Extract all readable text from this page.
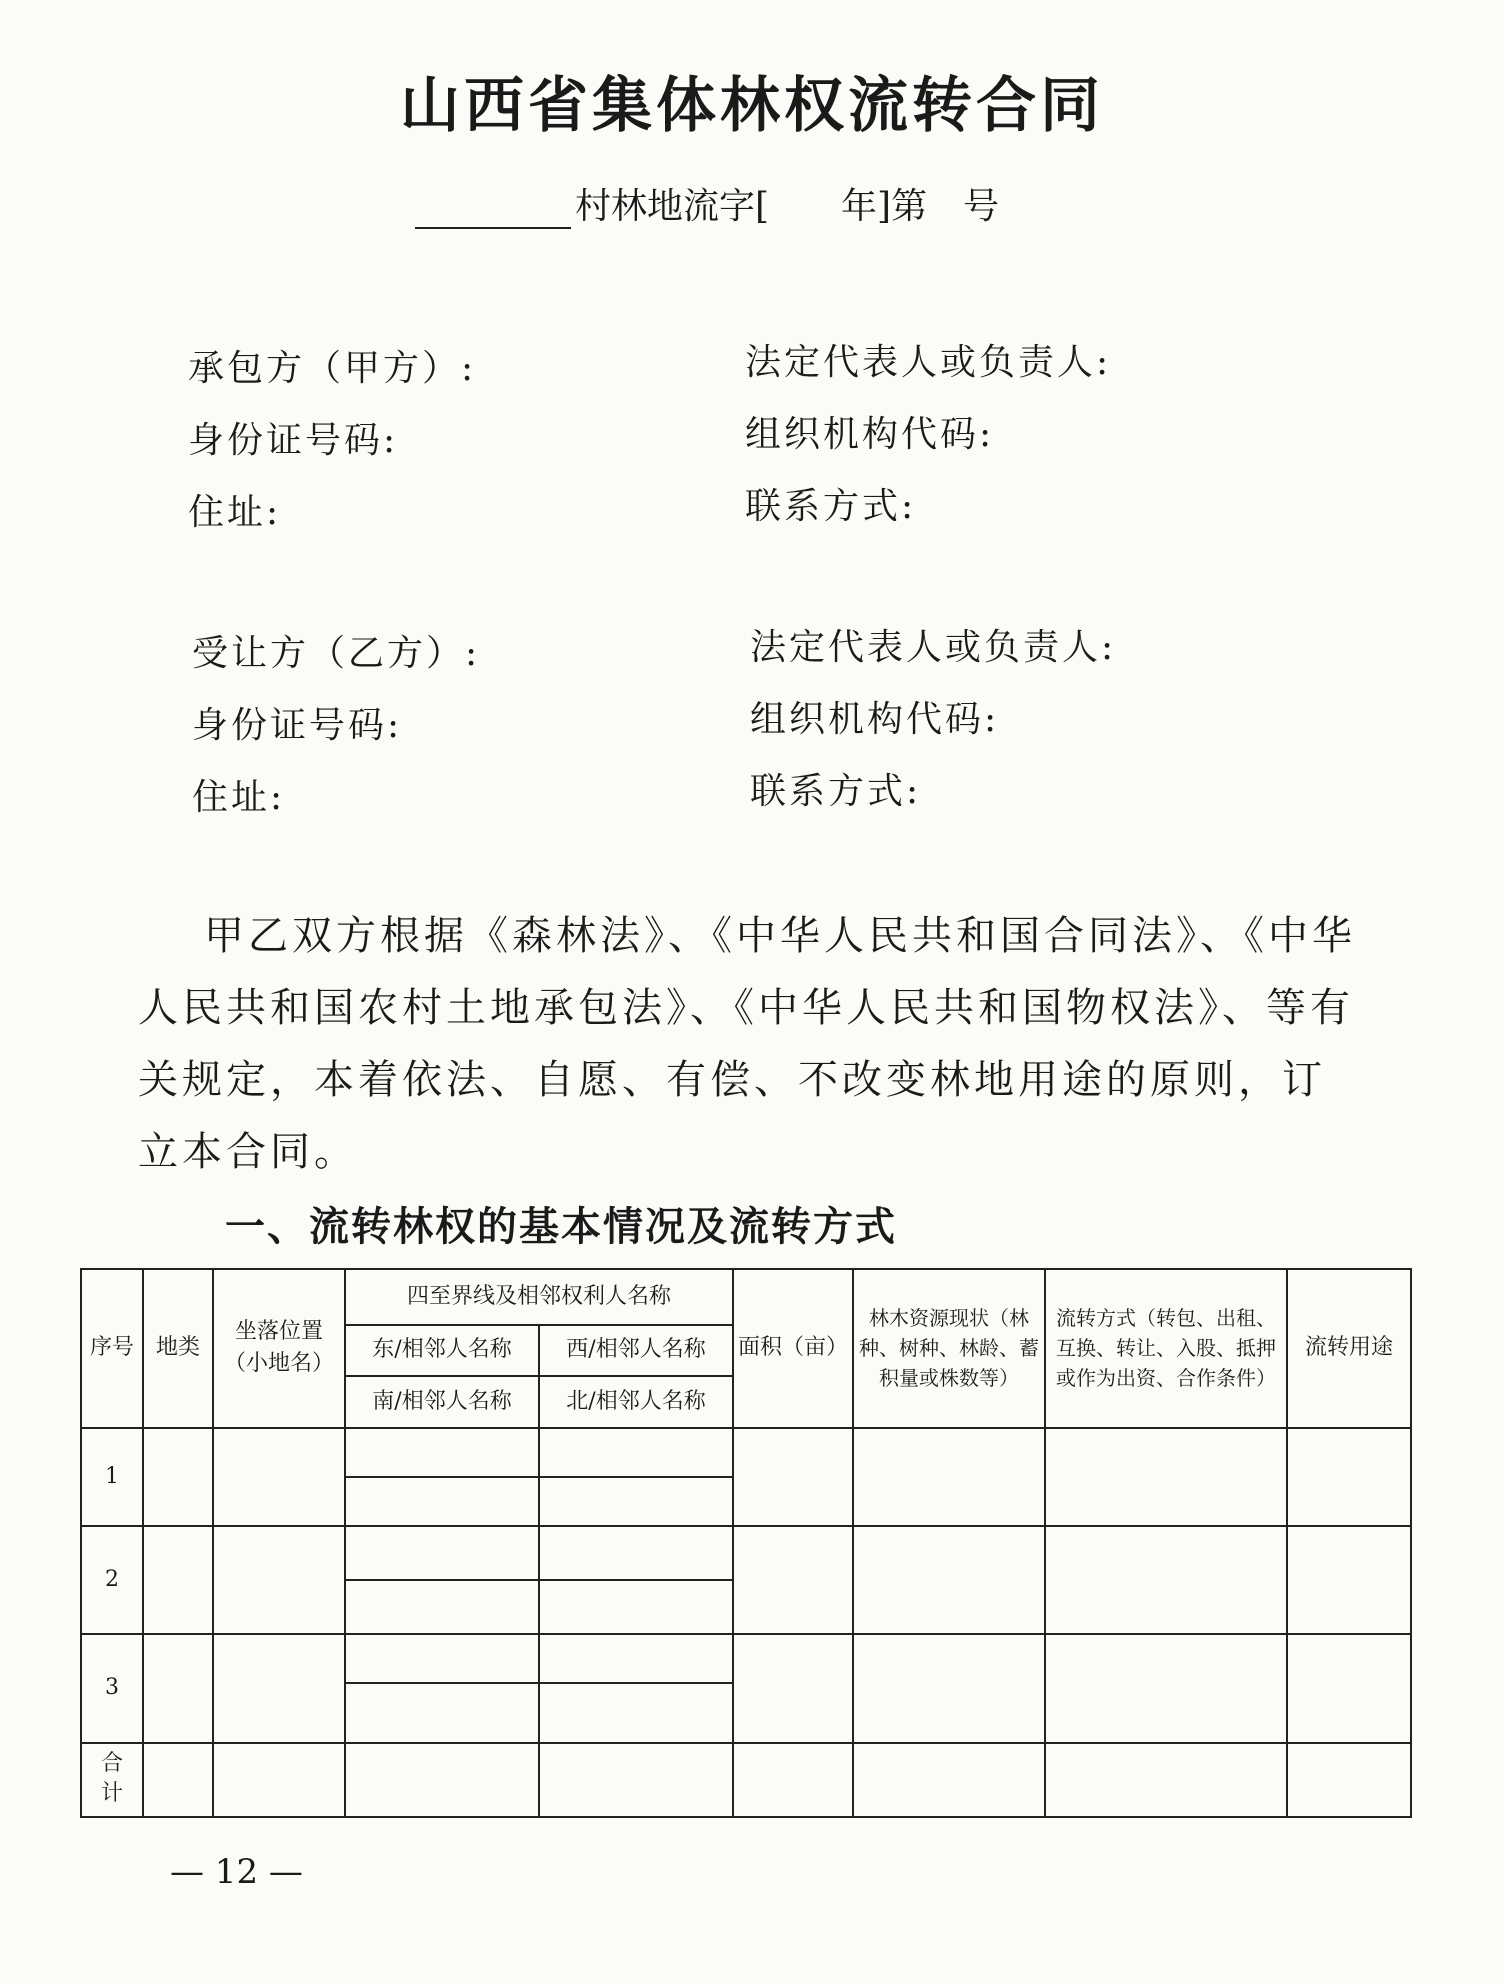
山西省集体林权流转合同
村林地流字[ 年]第 号
承包方（甲方）:
身份证号码:
住址:
法定代表人或负责人:
组织机构代码:
联系方式:
受让方（乙方）:
身份证号码:
住址:
法定代表人或负责人:
组织机构代码:
联系方式:
甲乙双方根据《森林法》、《中华人民共和国合同法》、《中华人民共和国农村土地承包法》、《中华人民共和国物权法》、等有关规定，本着依法、自愿、有偿、不改变林地用途的原则，订立本合同。
一、流转林权的基本情况及流转方式
序号	地类	坐落位置（小地名）	四至界线及相邻权利人名称		面积（亩）	林木资源现状（林种、树种、林龄、蓄积量或株数等）	流转方式（转包、出租、互换、转让、入股、抵押或作为出资、合作条件）	流转用途
			东/相邻人名称	西/相邻人名称				
			南/相邻人名称	北/相邻人名称				
1								

2								

3								

合计								
— 12 —
